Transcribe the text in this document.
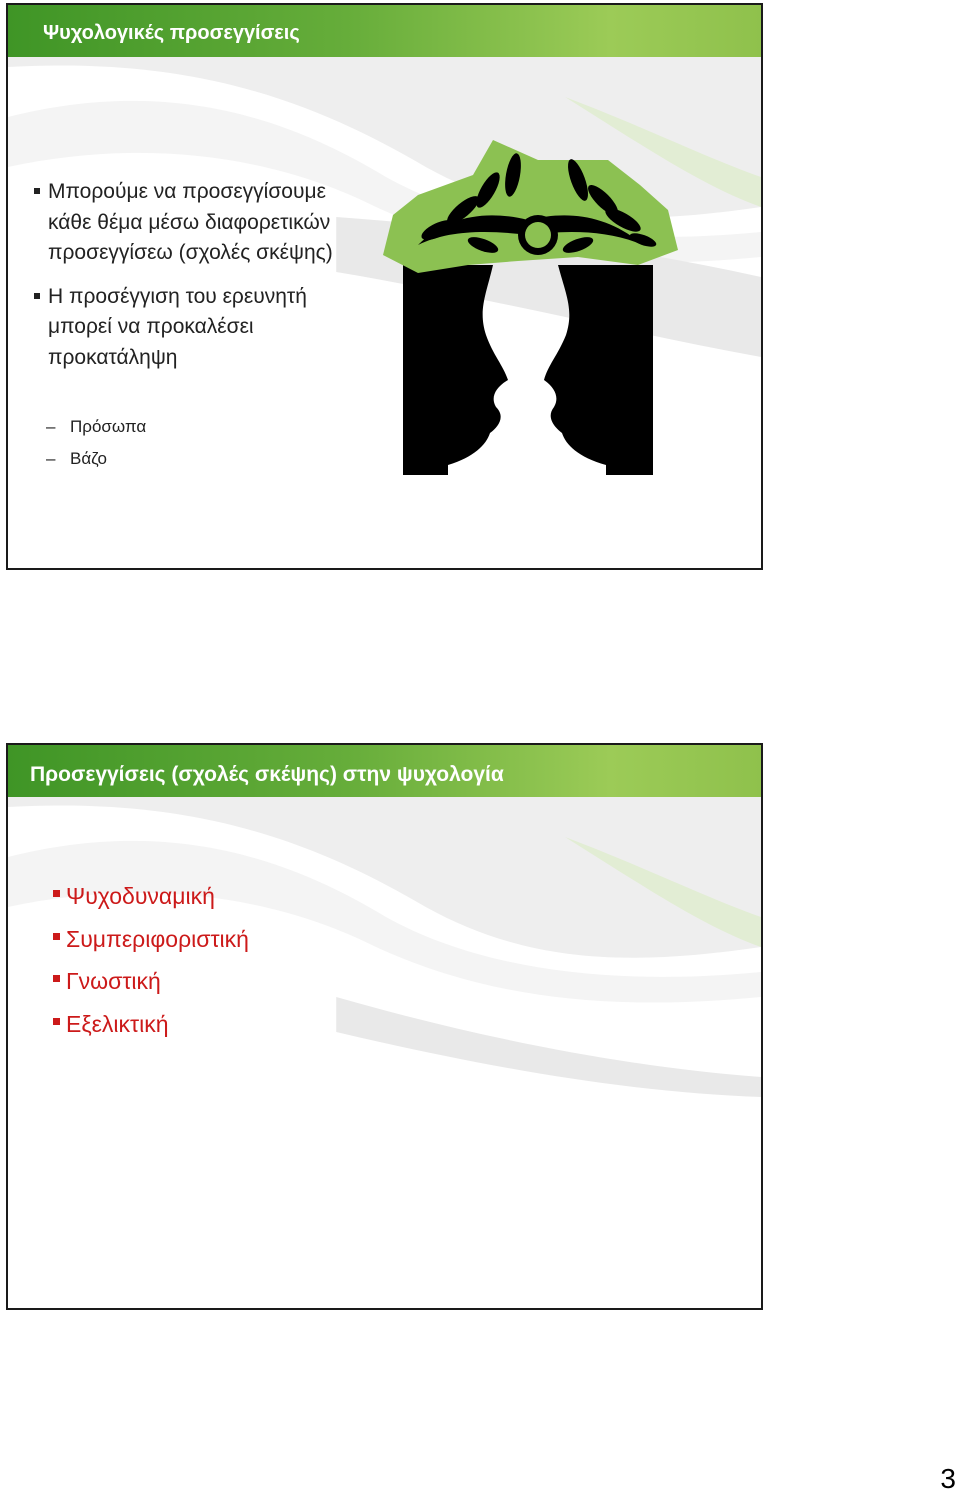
Ψυχολογικές προσεγγίσεις
Μπορούμε να προσεγγίσουμε κάθε θέμα μέσω διαφορετικών προσεγγίσεω (σχολές σκέψης)
Η προσέγγιση του ερευνητή μπορεί να προκαλέσει προκατάληψη
– Πρόσωπα
– Βάζο
Προσεγγίσεις (σχολές σκέψης) στην ψυχολογία
Ψυχοδυναμική
Συμπεριφοριστική
Γνωστική
Εξελικτική
3
